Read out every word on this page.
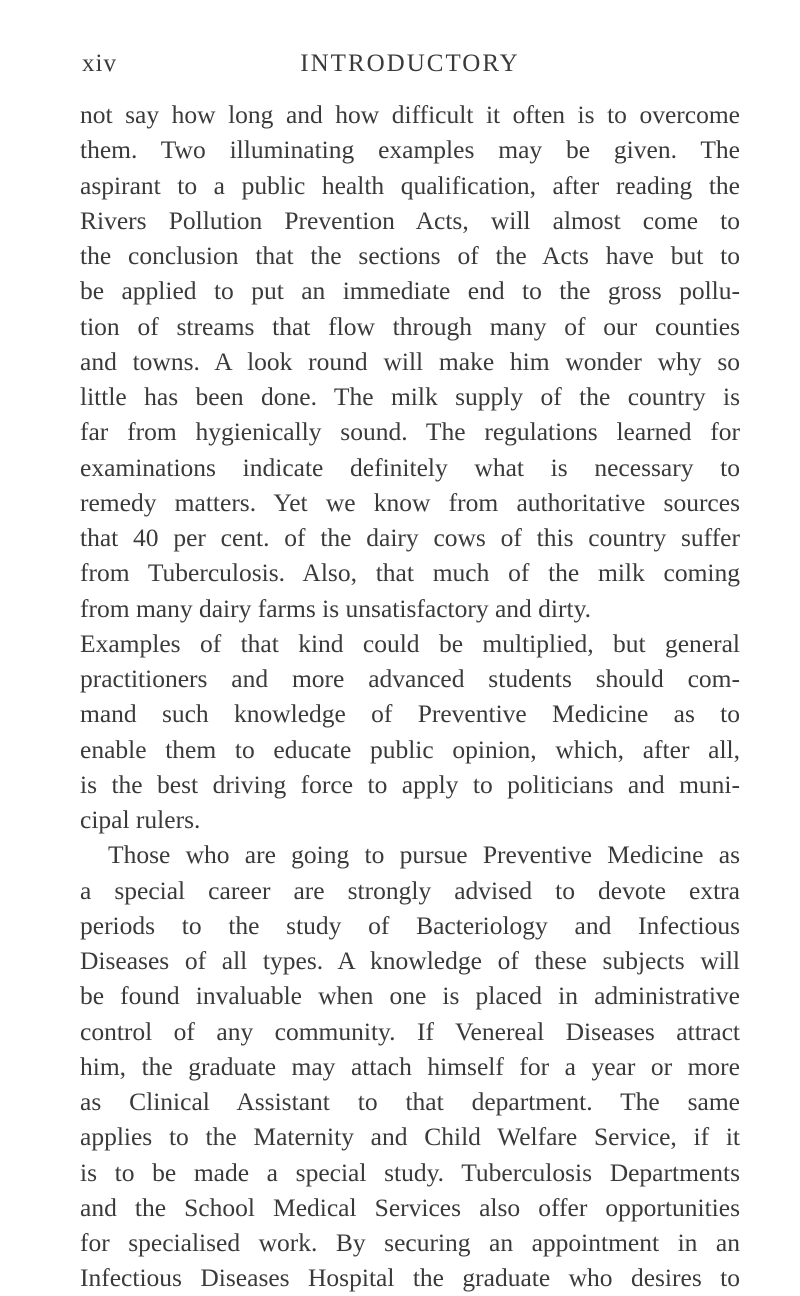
xiv	INTRODUCTORY
not say how long and how difficult it often is to overcome
them. Two illuminating examples may be given. The
aspirant to a public health qualification, after reading the
Rivers Pollution Prevention Acts, will almost come to
the conclusion that the sections of the Acts have but to
be applied to put an immediate end to the gross pollu-
tion of streams that flow through many of our counties
and towns. A look round will make him wonder why so
little has been done. The milk supply of the country is
far from hygienically sound. The regulations learned for
examinations indicate definitely what is necessary to
remedy matters. Yet we know from authoritative sources
that 40 per cent. of the dairy cows of this country suffer
from Tuberculosis. Also, that much of the milk coming
from many dairy farms is unsatisfactory and dirty.
Examples of that kind could be multiplied, but general
practitioners and more advanced students should com-
mand such knowledge of Preventive Medicine as to
enable them to educate public opinion, which, after all,
is the best driving force to apply to politicians and muni-
cipal rulers.
Those who are going to pursue Preventive Medicine as
a special career are strongly advised to devote extra
periods to the study of Bacteriology and Infectious
Diseases of all types. A knowledge of these subjects will
be found invaluable when one is placed in administrative
control of any community. If Venereal Diseases attract
him, the graduate may attach himself for a year or more
as Clinical Assistant to that department. The same
applies to the Maternity and Child Welfare Service, if it
is to be made a special study. Tuberculosis Departments
and the School Medical Services also offer opportunities
for specialised work. By securing an appointment in an
Infectious Diseases Hospital the graduate who desires to
